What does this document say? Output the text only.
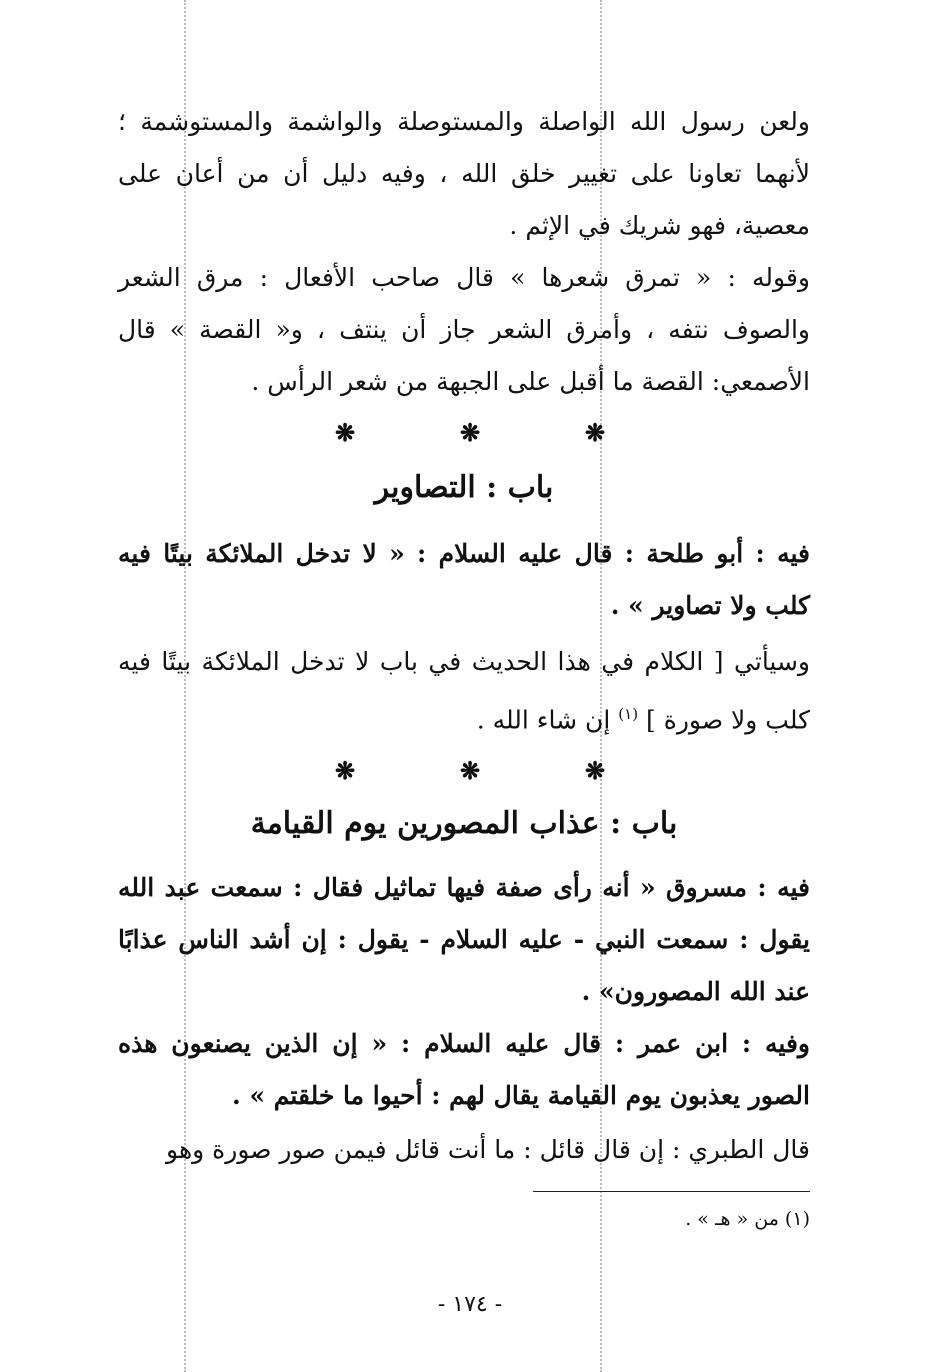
ولعن رسول الله الواصلة والمستوصلة والواشمة والمستوشمة ؛ لأنهما تعاونا على تغيير خلق الله ، وفيه دليل أن من أعان على معصية، فهو شريك في الإثم .
وقوله : « تمرق شعرها » قال صاحب الأفعال : مرق الشعر والصوف نتفه ، وأمرق الشعر جاز أن ينتف ، و« القصة » قال الأصمعي: القصة ما أقبل على الجبهة من شعر الرأس .
❋	❋	❋
باب : التصاوير
فيه : أبو طلحة : قال عليه السلام : « لا تدخل الملائكة بيتًا فيه كلب ولا تصاوير » .
وسيأتي [ الكلام في هذا الحديث في باب لا تدخل الملائكة بيتًا فيه كلب ولا صورة ] $^{(١)}$ إن شاء الله .
❋	❋	❋
باب : عذاب المصورين يوم القيامة
فيه : مسروق « أنه رأى صفة فيها تماثيل فقال : سمعت عبد الله يقول : سمعت النبي - عليه السلام - يقول : إن أشد الناس عذابًا عند الله المصورون» .
وفيه : ابن عمر : قال عليه السلام : « إن الذين يصنعون هذه الصور يعذبون يوم القيامة يقال لهم : أحيوا ما خلقتم » .
قال الطبري : إن قال قائل : ما أنت قائل فيمن صور صورة وهو
(١) من « هـ » .
- ١٧٤ -
